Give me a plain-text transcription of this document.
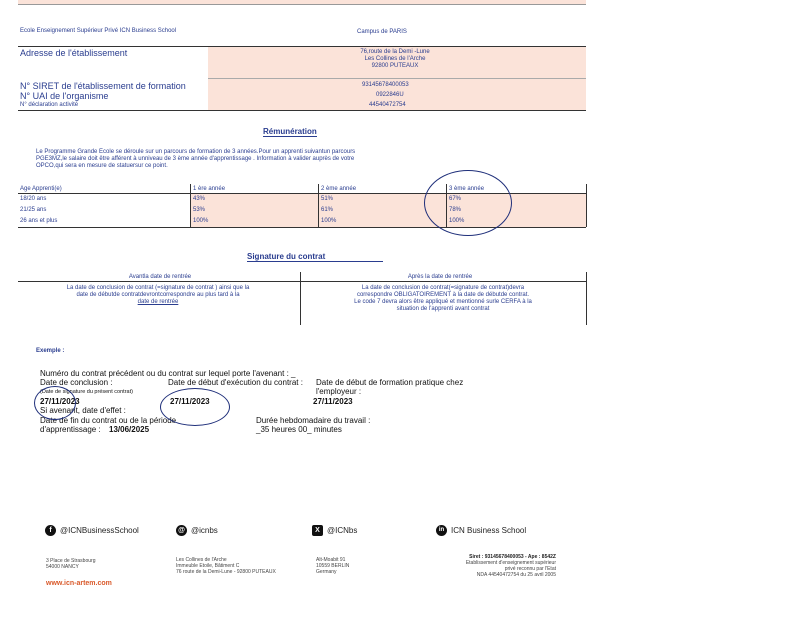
Ecole Enseignement Supérieur Privé ICN Business School	Campus de PARIS
Adresse de l'établissement	76,route de la Demi -Lune
Les Collines de l'Arche
92800 PUTEAUX
N° SIRET de l'établissement de formation	93145678400053
N° UAI de l'organisme	0922846U
N° déclaration activité	44540472754
Rémunération
Le Programme Grande Ecole se déroule sur un parcours de formation de 3 années.Pour un apprenti suivantun parcours
PGE3MZ,le salaire doit être afférent à unniveau de 3 ème année d'apprentissage . Information à valider auprès de votre
OPCO,qui sera en mesure de statuersur ce point.
Age Apprenti(e)	1 ère année	2 ème année	3 ème année
18/20 ans	43%	51%	67%
21/25 ans	53%	61%	78%
26 ans et plus	100%	100%	100%
Signature du contrat
Avantla date de rentrée	Après la date de rentrée
La date de conclusion de contrat (=signature de contrat ) ainsi que la
date de débutde contratdevrontcorrespondre au plus tard à la
date de rentrée
La date de conclusion de contrat(=signature de contrat)devra
correspondre OBLIGATOIREMENT à la date de débutde contrat.
Le code 7 devra alors être appliqué et mentionné surle CERFA à la
situation de l'apprenti avant contrat
Exemple :
Numéro du contrat précédent ou du contrat sur lequel porte l'avenant : _
Date de conclusion :
(Date de signature du présent contrat)
27/11/2023
Date de début d'exécution du contrat :
27/11/2023
Date de début de formation pratique chez l'employeur :
27/11/2023
Si avenant, date d'effet :
Date de fin du contrat ou de la période d'apprentissage :	13/06/2025
Durée hebdomadaire du travail :
_35 heures 00_ minutes
f	@ICNBusinessSchool	@ @icnbs	X @ICNbs	in ICN Business School
3 Place de Strasbourg
54000 NANCY
Les Collines de l'Arche
Immeuble Etoile, Bâtiment C
76 route de la Demi-Lune - 92800 PUTEAUX
Alt-Moabit 91
10559 BERLIN
Germany
Siret : 93145678400053 - Ape : 8542Z
Etablissement d'enseignement supérieur
privé reconnu par l'Etat
NDA 44540472754 du 25 avril 2005
www.icn-artem.com
